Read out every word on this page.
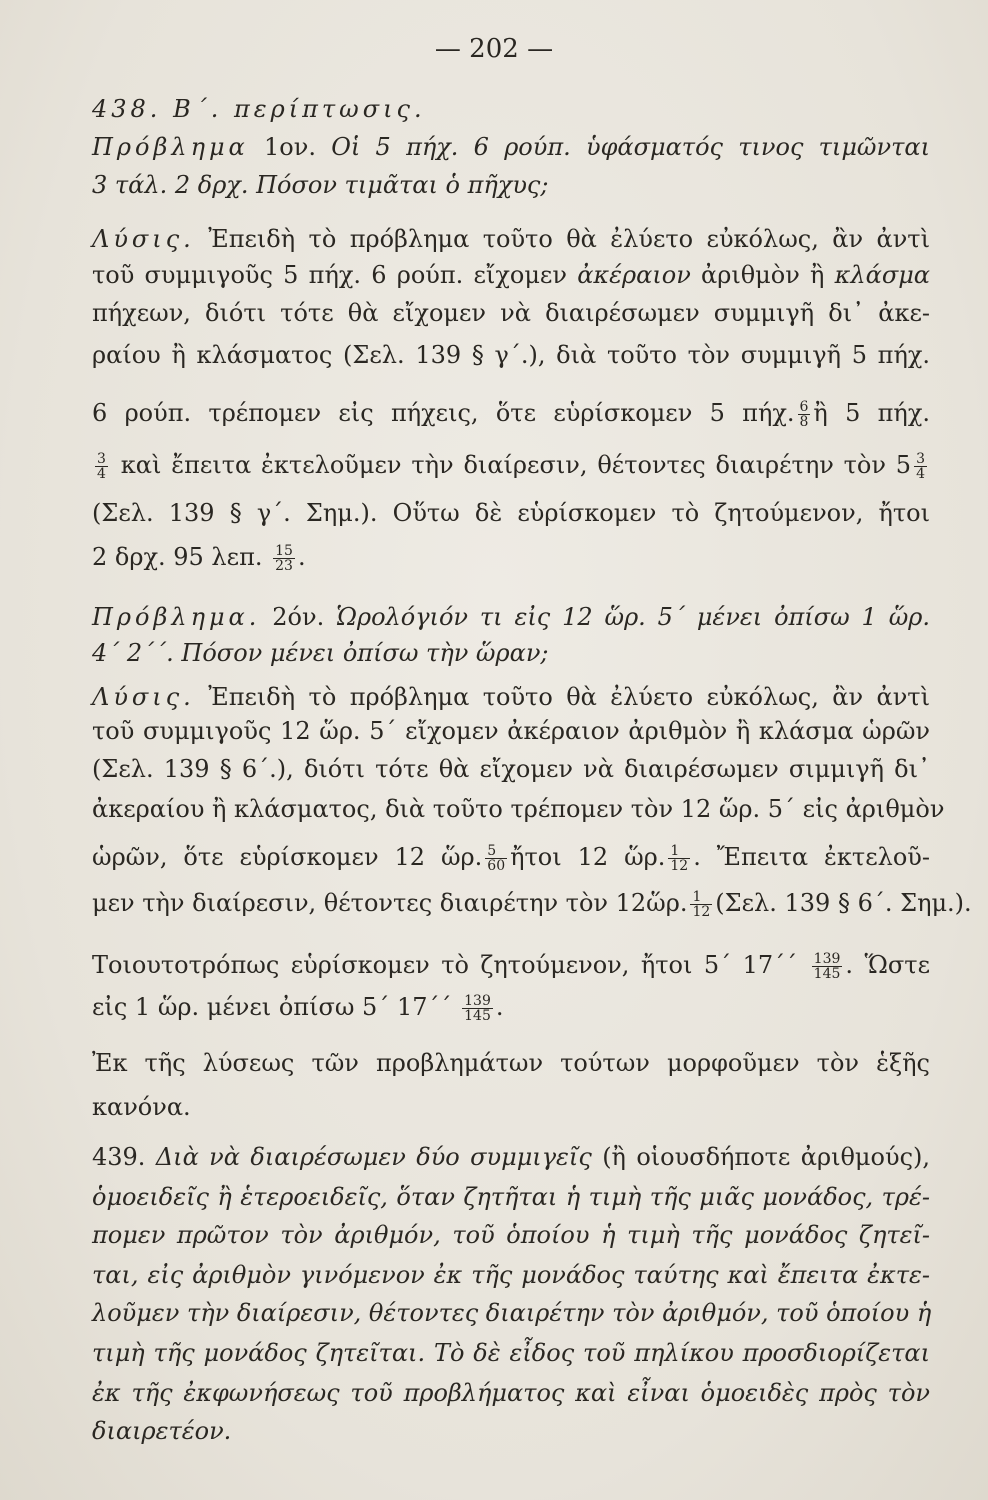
— 202 —
438. Β΄. περίπτωσις.
Πρόβλημα 1ον. Οἱ 5 πήχ. 6 ρούπ. ὑφάσματός τινος τιμῶνται
3 τάλ. 2 δρχ. Πόσον τιμᾶται ὁ πῆχυς;
Λύσις. Ἐπειδὴ τὸ πρόβλημα τοῦτο θὰ ἐλύετο εὐκόλως, ἂν ἀντὶ
τοῦ συμμιγοῦς 5 πήχ. 6 ρούπ. εἴχομεν ἀκέραιον ἀριθμὸν ἢ κλάσμα
πήχεων, διότι τότε θὰ εἴχομεν νὰ διαιρέσωμεν συμμιγῆ δι᾽ ἀκε-
ραίου ἢ κλάσματος (Σελ. 139 § γ΄.), διὰ τοῦτο τὸν συμμιγῆ 5 πήχ.
6 ρούπ. τρέπομεν εἰς πήχεις, ὅτε εὑρίσκομεν 5 πήχ. $\frac{6}{8}$ ἢ 5 πήχ.
$\frac{3}{4}$ καὶ ἔπειτα ἐκτελοῦμεν τὴν διαίρεσιν, θέτοντες διαιρέτην τὸν $5 \frac{3}{4}$
(Σελ. 139 § γ΄. Σημ.). Οὕτω δὲ εὑρίσκομεν τὸ ζητούμενον, ἤτοι
2 δρχ. 95 λεπ. $\frac{15}{23}$ .
Πρόβλημα. 2όν. Ὡρολόγιόν τι εἰς 12 ὥρ. 5΄ μένει ὀπίσω 1 ὥρ.
4΄ 2΄΄. Πόσον μένει ὀπίσω τὴν ὥραν;
Λύσις. Ἐπειδὴ τὸ πρόβλημα τοῦτο θὰ ἐλύετο εὐκόλως, ἂν ἀντὶ
τοῦ συμμιγοῦς 12 ὥρ. 5΄ εἴχομεν ἀκέραιον ἀριθμὸν ἢ κλάσμα ὡρῶν
(Σελ. 139 § 6΄.), διότι τότε θὰ εἴχομεν νὰ διαιρέσωμεν σιμμιγῆ δι᾽
ἀκεραίου ἢ κλάσματος, διὰ τοῦτο τρέπομεν τὸν 12 ὥρ. 5΄ εἰς ἀριθμὸν
ὡρῶν, ὅτε εὑρίσκομεν 12 ὥρ. $\frac{5}{60}$ ἤτοι 12 ὥρ. $\frac{1}{12}$ . Ἔπειτα ἐκτελοῦ-
μεν τὴν διαίρεσιν, θέτοντες διαιρέτην τὸν 12ὥρ. $\frac{1}{12} (\Sigma\varepsilon\lambda$. 139 § 6΄. Σημ.).
Τοιουτοτρόπως εὑρίσκομεν τὸ ζητούμενον, ἤτοι 5΄ $17΄΄ \frac{139}{145}$ . Ὥστε
εἰς 1 ὥρ. μένει ὀπίσω 5΄ $17΄΄ \frac{139}{145}$ .
Ἐκ τῆς λύσεως τῶν προβλημάτων τούτων μορφοῦμεν τὸν ἑξῆς
κανόνα.
439. Διὰ νὰ διαιρέσωμεν δύο συμμιγεῖς (ἢ οἱουσδήποτε ἀριθμούς),
ὁμοειδεῖς ἢ ἑτεροειδεῖς, ὅταν ζητῆται ἡ τιμὴ τῆς μιᾶς μονάδος, τρέ-
πομεν πρῶτον τὸν ἀριθμόν, τοῦ ὁποίου ἡ τιμὴ τῆς μονάδος ζητεῖ-
ται, εἰς ἀριθμὸν γινόμενον ἐκ τῆς μονάδος ταύτης καὶ ἔπειτα ἐκτε-
λοῦμεν τὴν διαίρεσιν, θέτοντες διαιρέτην τὸν ἀριθμόν, τοῦ ὁποίου ἡ
τιμὴ τῆς μονάδος ζητεῖται. Τὸ δὲ εἶδος τοῦ πηλίκου προσδιορίζεται
ἐκ τῆς ἐκφωνήσεως τοῦ προβλήματος καὶ εἶναι ὁμοειδὲς πρὸς τὸν
διαιρετέον.
